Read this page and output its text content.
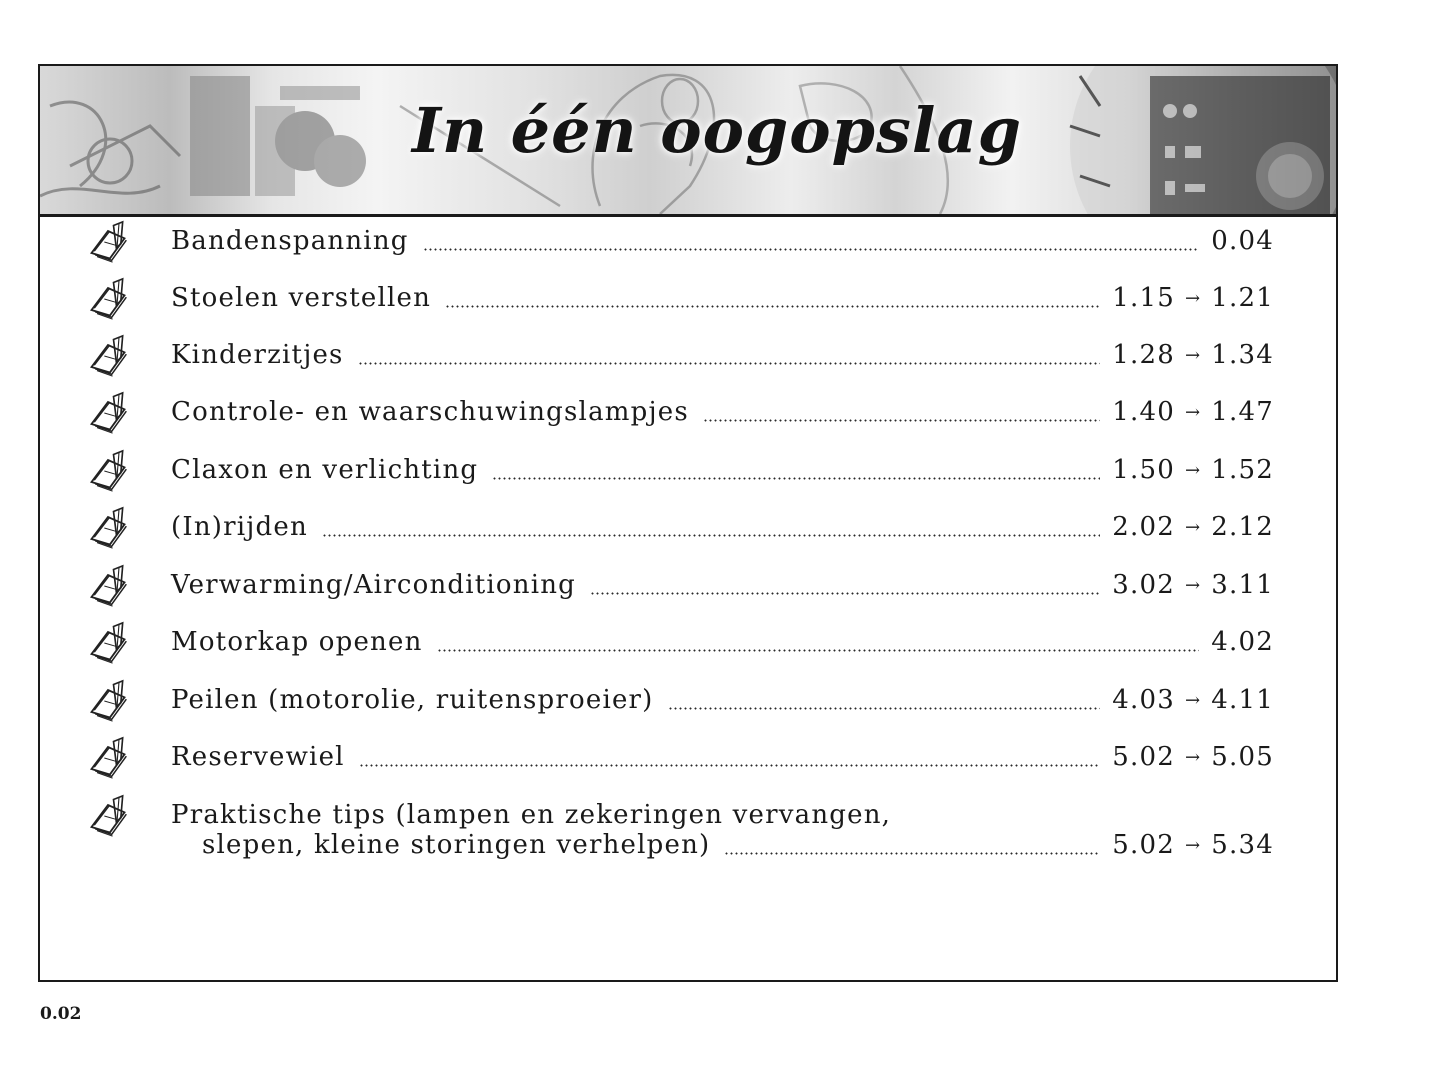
In één oogopslag
Bandenspanning	0.04
Stoelen verstellen	1.15 → 1.21
Kinderzitjes	1.28 → 1.34
Controle- en waarschuwingslampjes	1.40 → 1.47
Claxon en verlichting	1.50 → 1.52
(In)rijden	2.02 → 2.12
Verwarming/Airconditioning	3.02 → 3.11
Motorkap openen	4.02
Peilen (motorolie, ruitensproeier)	4.03 → 4.11
Reservewiel	5.02 → 5.05
Praktische tips (lampen en zekeringen vervangen,
slepen, kleine storingen verhelpen)	5.02 → 5.34
0.02
